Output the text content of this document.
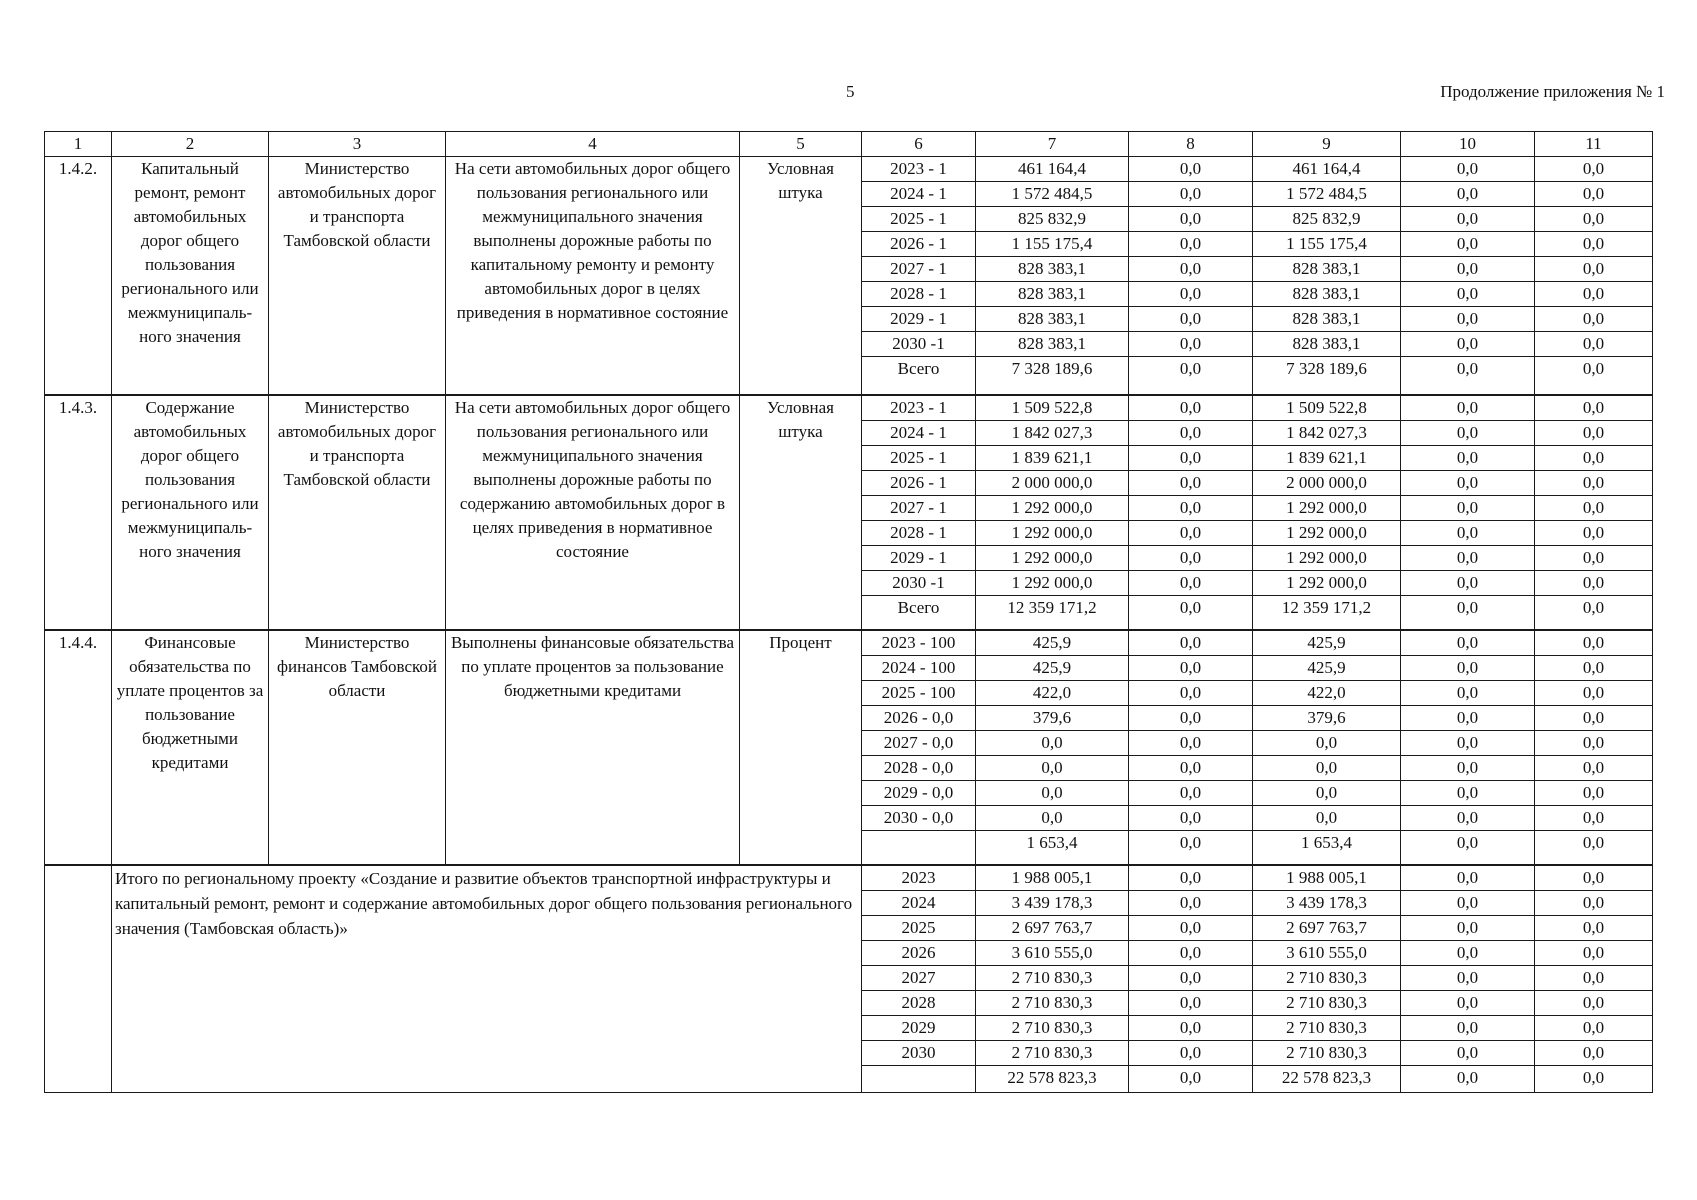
5	Продолжение приложения № 1
1	2	3	4	5	6	7	8	9	10	11
1.4.2.	Капитальный ремонт, ремонт автомобильных дорог общего пользования регионального или межмуниципаль-ного значения	Министерство автомобильных дорог и транспорта Тамбовской области	На сети автомобильных дорог общего пользования регионального или межмуниципального значения выполнены дорожные работы по капитальному ремонту и ремонту автомобильных дорог в целях приведения в нормативное состояние	Условная штука	2023 - 1	461 164,4	0,0	461 164,4	0,0	0,0
					2024 - 1	1 572 484,5	0,0	1 572 484,5	0,0	0,0
					2025 - 1	825 832,9	0,0	825 832,9	0,0	0,0
					2026 - 1	1 155 175,4	0,0	1 155 175,4	0,0	0,0
					2027 - 1	828 383,1	0,0	828 383,1	0,0	0,0
					2028 - 1	828 383,1	0,0	828 383,1	0,0	0,0
					2029 - 1	828 383,1	0,0	828 383,1	0,0	0,0
					2030 -1	828 383,1	0,0	828 383,1	0,0	0,0
					Всего	7 328 189,6	0,0	7 328 189,6	0,0	0,0

1.4.3.	Содержание автомобильных дорог общего пользования регионального или межмуниципаль-ного значения	Министерство автомобильных дорог и транспорта Тамбовской области	На сети автомобильных дорог общего пользования регионального или межмуниципального значения выполнены дорожные работы по содержанию автомобильных дорог в целях приведения в нормативное состояние	Условная штука	2023 - 1	1 509 522,8	0,0	1 509 522,8	0,0	0,0
					2024 - 1	1 842 027,3	0,0	1 842 027,3	0,0	0,0
					2025 - 1	1 839 621,1	0,0	1 839 621,1	0,0	0,0
					2026 - 1	2 000 000,0	0,0	2 000 000,0	0,0	0,0
					2027 - 1	1 292 000,0	0,0	1 292 000,0	0,0	0,0
					2028 - 1	1 292 000,0	0,0	1 292 000,0	0,0	0,0
					2029 - 1	1 292 000,0	0,0	1 292 000,0	0,0	0,0
					2030 -1	1 292 000,0	0,0	1 292 000,0	0,0	0,0
					Всего	12 359 171,2	0,0	12 359 171,2	0,0	0,0

1.4.4.	Финансовые обязательства по уплате процентов за пользование бюджетными кредитами	Министерство финансов Тамбовской области	Выполнены финансовые обязательства по уплате процентов за пользование бюджетными кредитами	Процент	2023 - 100	425,9	0,0	425,9	0,0	0,0
					2024 - 100	425,9	0,0	425,9	0,0	0,0
					2025 - 100	422,0	0,0	422,0	0,0	0,0
					2026 - 0,0	379,6	0,0	379,6	0,0	0,0
					2027 - 0,0	0,0	0,0	0,0	0,0	0,0
					2028 - 0,0	0,0	0,0	0,0	0,0	0,0
					2029 - 0,0	0,0	0,0	0,0	0,0	0,0
					2030 - 0,0	0,0	0,0	0,0	0,0	0,0
						1 653,4	0,0	1 653,4	0,0	0,0

	Итого по региональному проекту «Создание и развитие объектов транспортной инфраструктуры и капитальный ремонт, ремонт и содержание автомобильных дорог общего пользования регионального значения (Тамбовская область)»				2023	1 988 005,1	0,0	1 988 005,1	0,0	0,0
					2024	3 439 178,3	0,0	3 439 178,3	0,0	0,0
					2025	2 697 763,7	0,0	2 697 763,7	0,0	0,0
					2026	3 610 555,0	0,0	3 610 555,0	0,0	0,0
					2027	2 710 830,3	0,0	2 710 830,3	0,0	0,0
					2028	2 710 830,3	0,0	2 710 830,3	0,0	0,0
					2029	2 710 830,3	0,0	2 710 830,3	0,0	0,0
					2030	2 710 830,3	0,0	2 710 830,3	0,0	0,0
						22 578 823,3	0,0	22 578 823,3	0,0	0,0
